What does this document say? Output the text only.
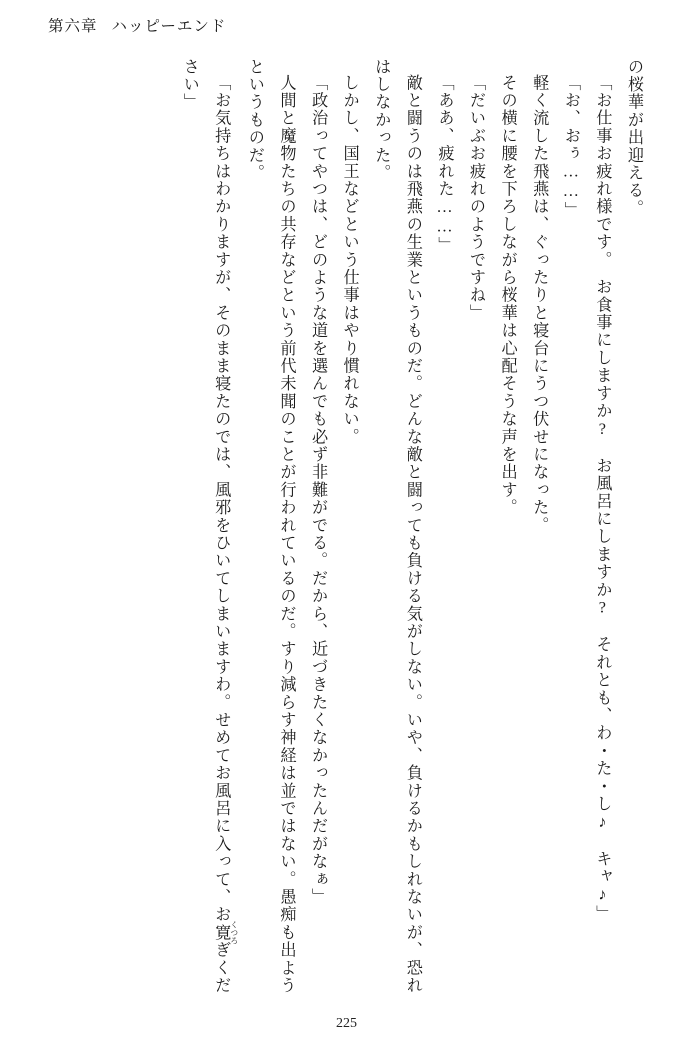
第六章 ハッピーエンド

の桜華が出迎える。

「お仕事お疲れ様です。　お食事にしますか?　お風呂にしますか?　それとも、わ・た・し♪　キャ♪」

「お、おぅ……」

軽く流した飛燕は、ぐったりと寝台にうつ伏せになった。

その横に腰を下ろしながら桜華は心配そうな声を出す。

「だいぶお疲れのようですね」

「ああ、疲れた……」

敵と闘うのは飛燕の生業というものだ。どんな敵と闘っても負ける気がしない。いや、負けるかもしれないが、恐れはしなかった。

しかし、国王などという仕事はやり慣れない。

「政治ってやつは、どのような道を選んでも必ず非難がでる。だから、近づきたくなかったんだがなぁ」

人間と魔物たちの共存などという前代未聞のことが行われているのだ。すり減らす神経は並ではない。愚痴も出ようというものだ。

「お気持ちはわかりますが、そのまま寝たのでは、風邪をひいてしまいますわ。せめてお風呂に入って、お寛 くつろぎください」

225
